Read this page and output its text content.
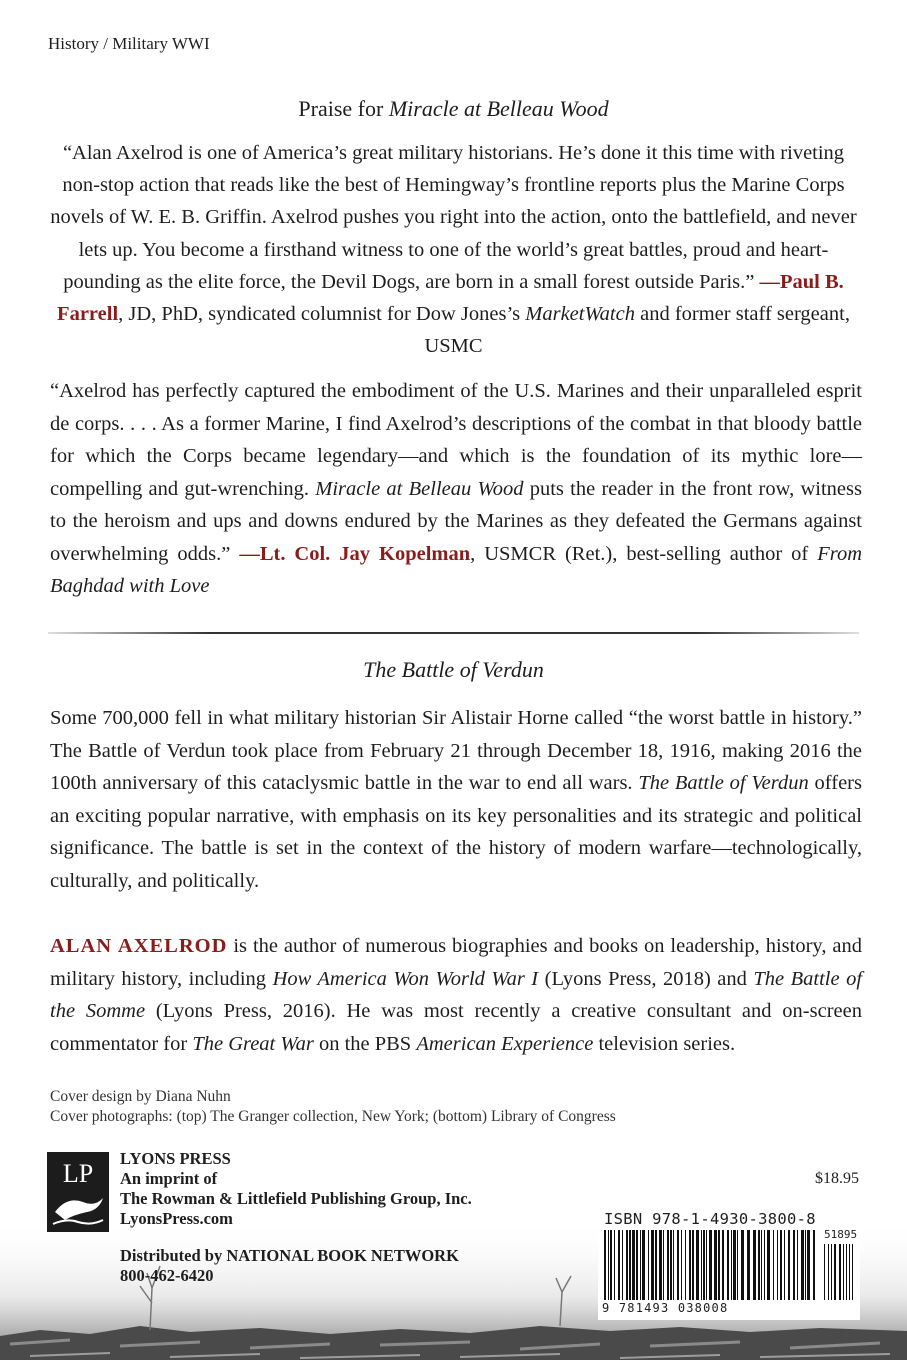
History / Military WWI
Praise for Miracle at Belleau Wood
“Alan Axelrod is one of America’s great military historians. He’s done it this time with riveting non-stop action that reads like the best of Hemingway’s frontline reports plus the Marine Corps novels of W. E. B. Griffin. Axelrod pushes you right into the action, onto the battlefield, and never lets up. You become a firsthand witness to one of the world’s great battles, proud and heart-pounding as the elite force, the Devil Dogs, are born in a small forest outside Paris.” —Paul B. Farrell, JD, PhD, syndicated columnist for Dow Jones’s MarketWatch and former staff sergeant, USMC
“Axelrod has perfectly captured the embodiment of the U.S. Marines and their unparalleled esprit de corps. . . . As a former Marine, I find Axelrod’s descriptions of the combat in that bloody battle for which the Corps became legendary—and which is the foundation of its mythic lore—compelling and gut-wrenching. Miracle at Belleau Wood puts the reader in the front row, witness to the heroism and ups and downs endured by the Marines as they defeated the Germans against overwhelming odds.” —Lt. Col. Jay Kopelman, USMCR (Ret.), best-selling author of From Baghdad with Love
The Battle of Verdun
Some 700,000 fell in what military historian Sir Alistair Horne called “the worst battle in history.” The Battle of Verdun took place from February 21 through December 18, 1916, making 2016 the 100th anniversary of this cataclysmic battle in the war to end all wars. The Battle of Verdun offers an exciting popular narrative, with emphasis on its key personalities and its strategic and political significance. The battle is set in the context of the history of modern warfare—technologically, culturally, and politically.
ALAN AXELROD is the author of numerous biographies and books on leadership, history, and military history, including How America Won World War I (Lyons Press, 2018) and The Battle of the Somme (Lyons Press, 2016). He was most recently a creative consultant and on-screen commentator for The Great War on the PBS American Experience television series.
Cover design by Diana Nuhn
Cover photographs: (top) The Granger collection, New York; (bottom) Library of Congress
LP
LYONS PRESS
An imprint of
The Rowman & Littlefield Publishing Group, Inc.
LyonsPress.com
Distributed by NATIONAL BOOK NETWORK
800-462-6420
$18.95
ISBN 978-1-4930-3800-8
51895
9 781493 038008
